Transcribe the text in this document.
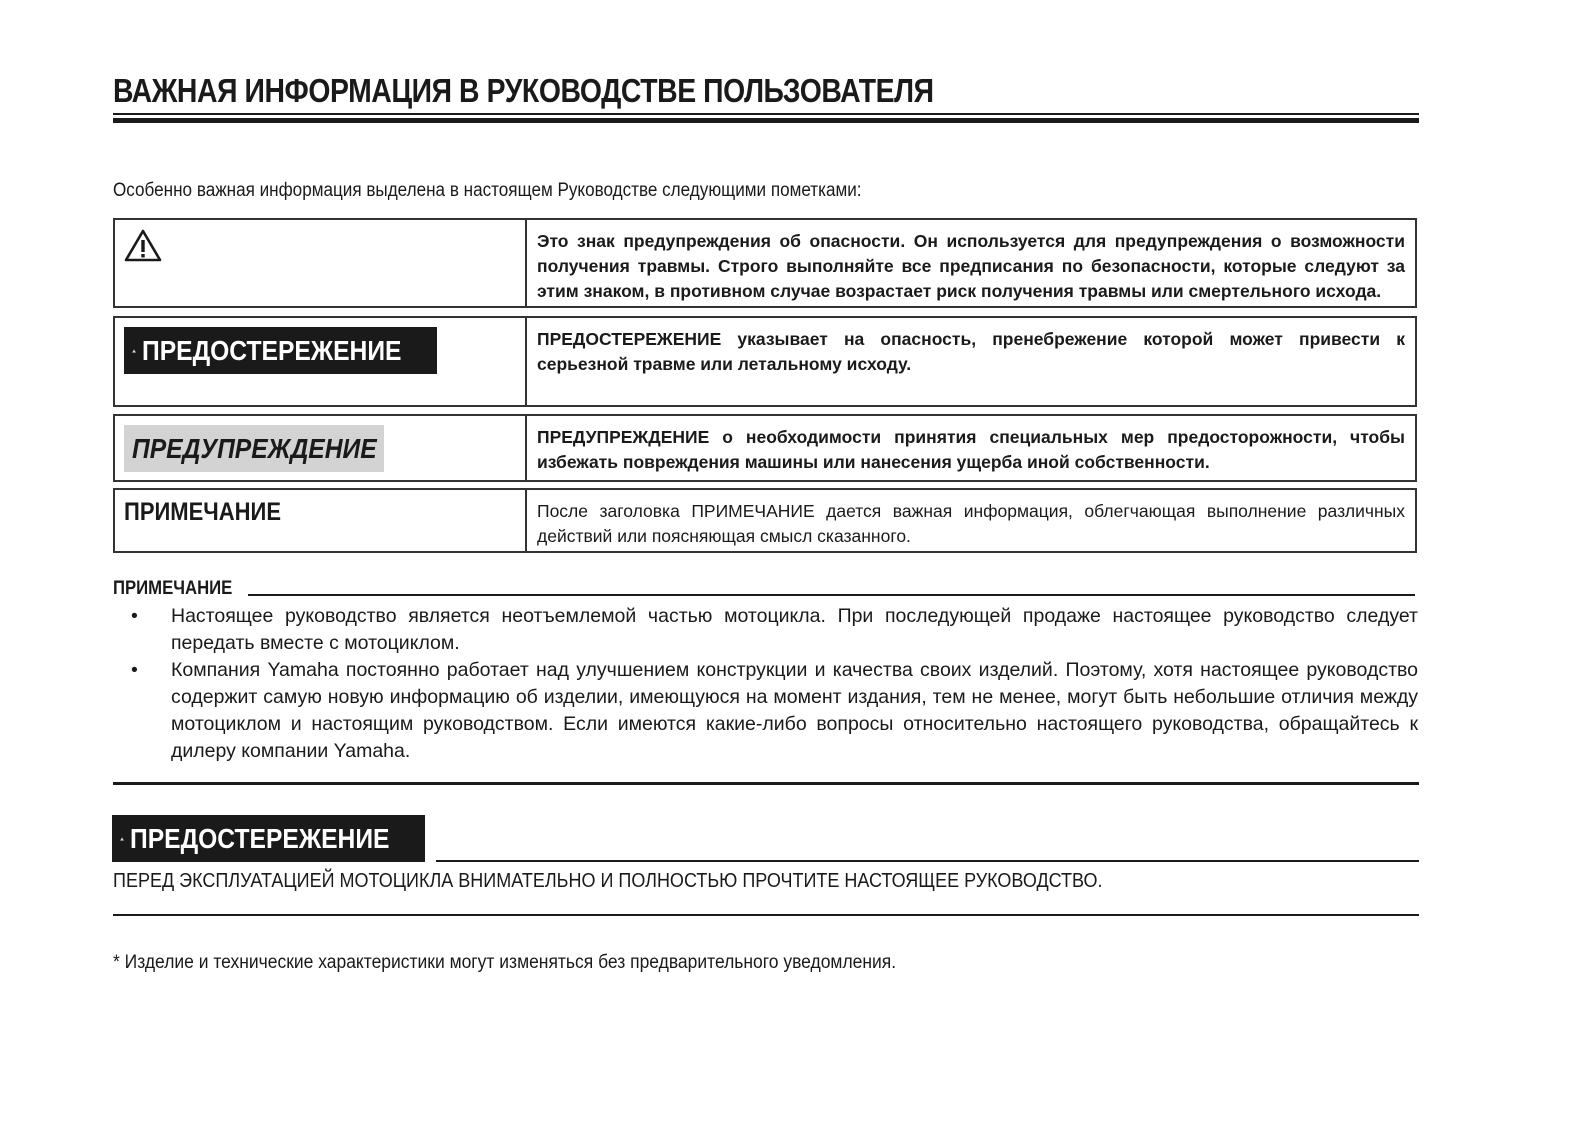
ВАЖНАЯ ИНФОРМАЦИЯ В РУКОВОДСТВЕ ПОЛЬЗОВАТЕЛЯ
Особенно важная информация выделена в настоящем Руководстве следующими пометками:
Это знак предупреждения об опасности. Он используется для предупреждения о возможности получения травмы. Строго выполняйте все предписания по безопасности, которые следуют за этим знаком, в противном случае возрастает риск получения травмы или смертельного исхода.
ПРЕДОСТЕРЕЖЕНИЕ	ПРЕДОСТЕРЕЖЕНИЕ указывает на опасность, пренебрежение которой может привести к серьезной травме или летальному исходу.
ПРЕДУПРЕЖДЕНИЕ	ПРЕДУПРЕЖДЕНИЕ о необходимости принятия специальных мер предосторожности, чтобы избежать повреждения машины или нанесения ущерба иной собственности.
ПРИМЕЧАНИЕ	После заголовка ПРИМЕЧАНИЕ дается важная информация, облегчающая выполнение различных действий или поясняющая смысл сказанного.
ПРИМЕЧАНИЕ
•	Настоящее руководство является неотъемлемой частью мотоцикла. При последующей продаже настоящее руководство следует передать вместе с мотоциклом.
•	Компания Yamaha постоянно работает над улучшением конструкции и качества своих изделий. Поэтому, хотя настоящее руководство содержит самую новую информацию об изделии, имеющуюся на момент издания, тем не менее, могут быть небольшие отличия между мотоциклом и настоящим руководством. Если имеются какие-либо вопросы относительно настоящего руководства, обращайтесь к дилеру компании Yamaha.
ПРЕДОСТЕРЕЖЕНИЕ
ПЕРЕД ЭКСПЛУАТАЦИЕЙ МОТОЦИКЛА ВНИМАТЕЛЬНО И ПОЛНОСТЬЮ ПРОЧТИТЕ НАСТОЯЩЕЕ РУКОВОДСТВО.
* Изделие и технические характеристики могут изменяться без предварительного уведомления.
